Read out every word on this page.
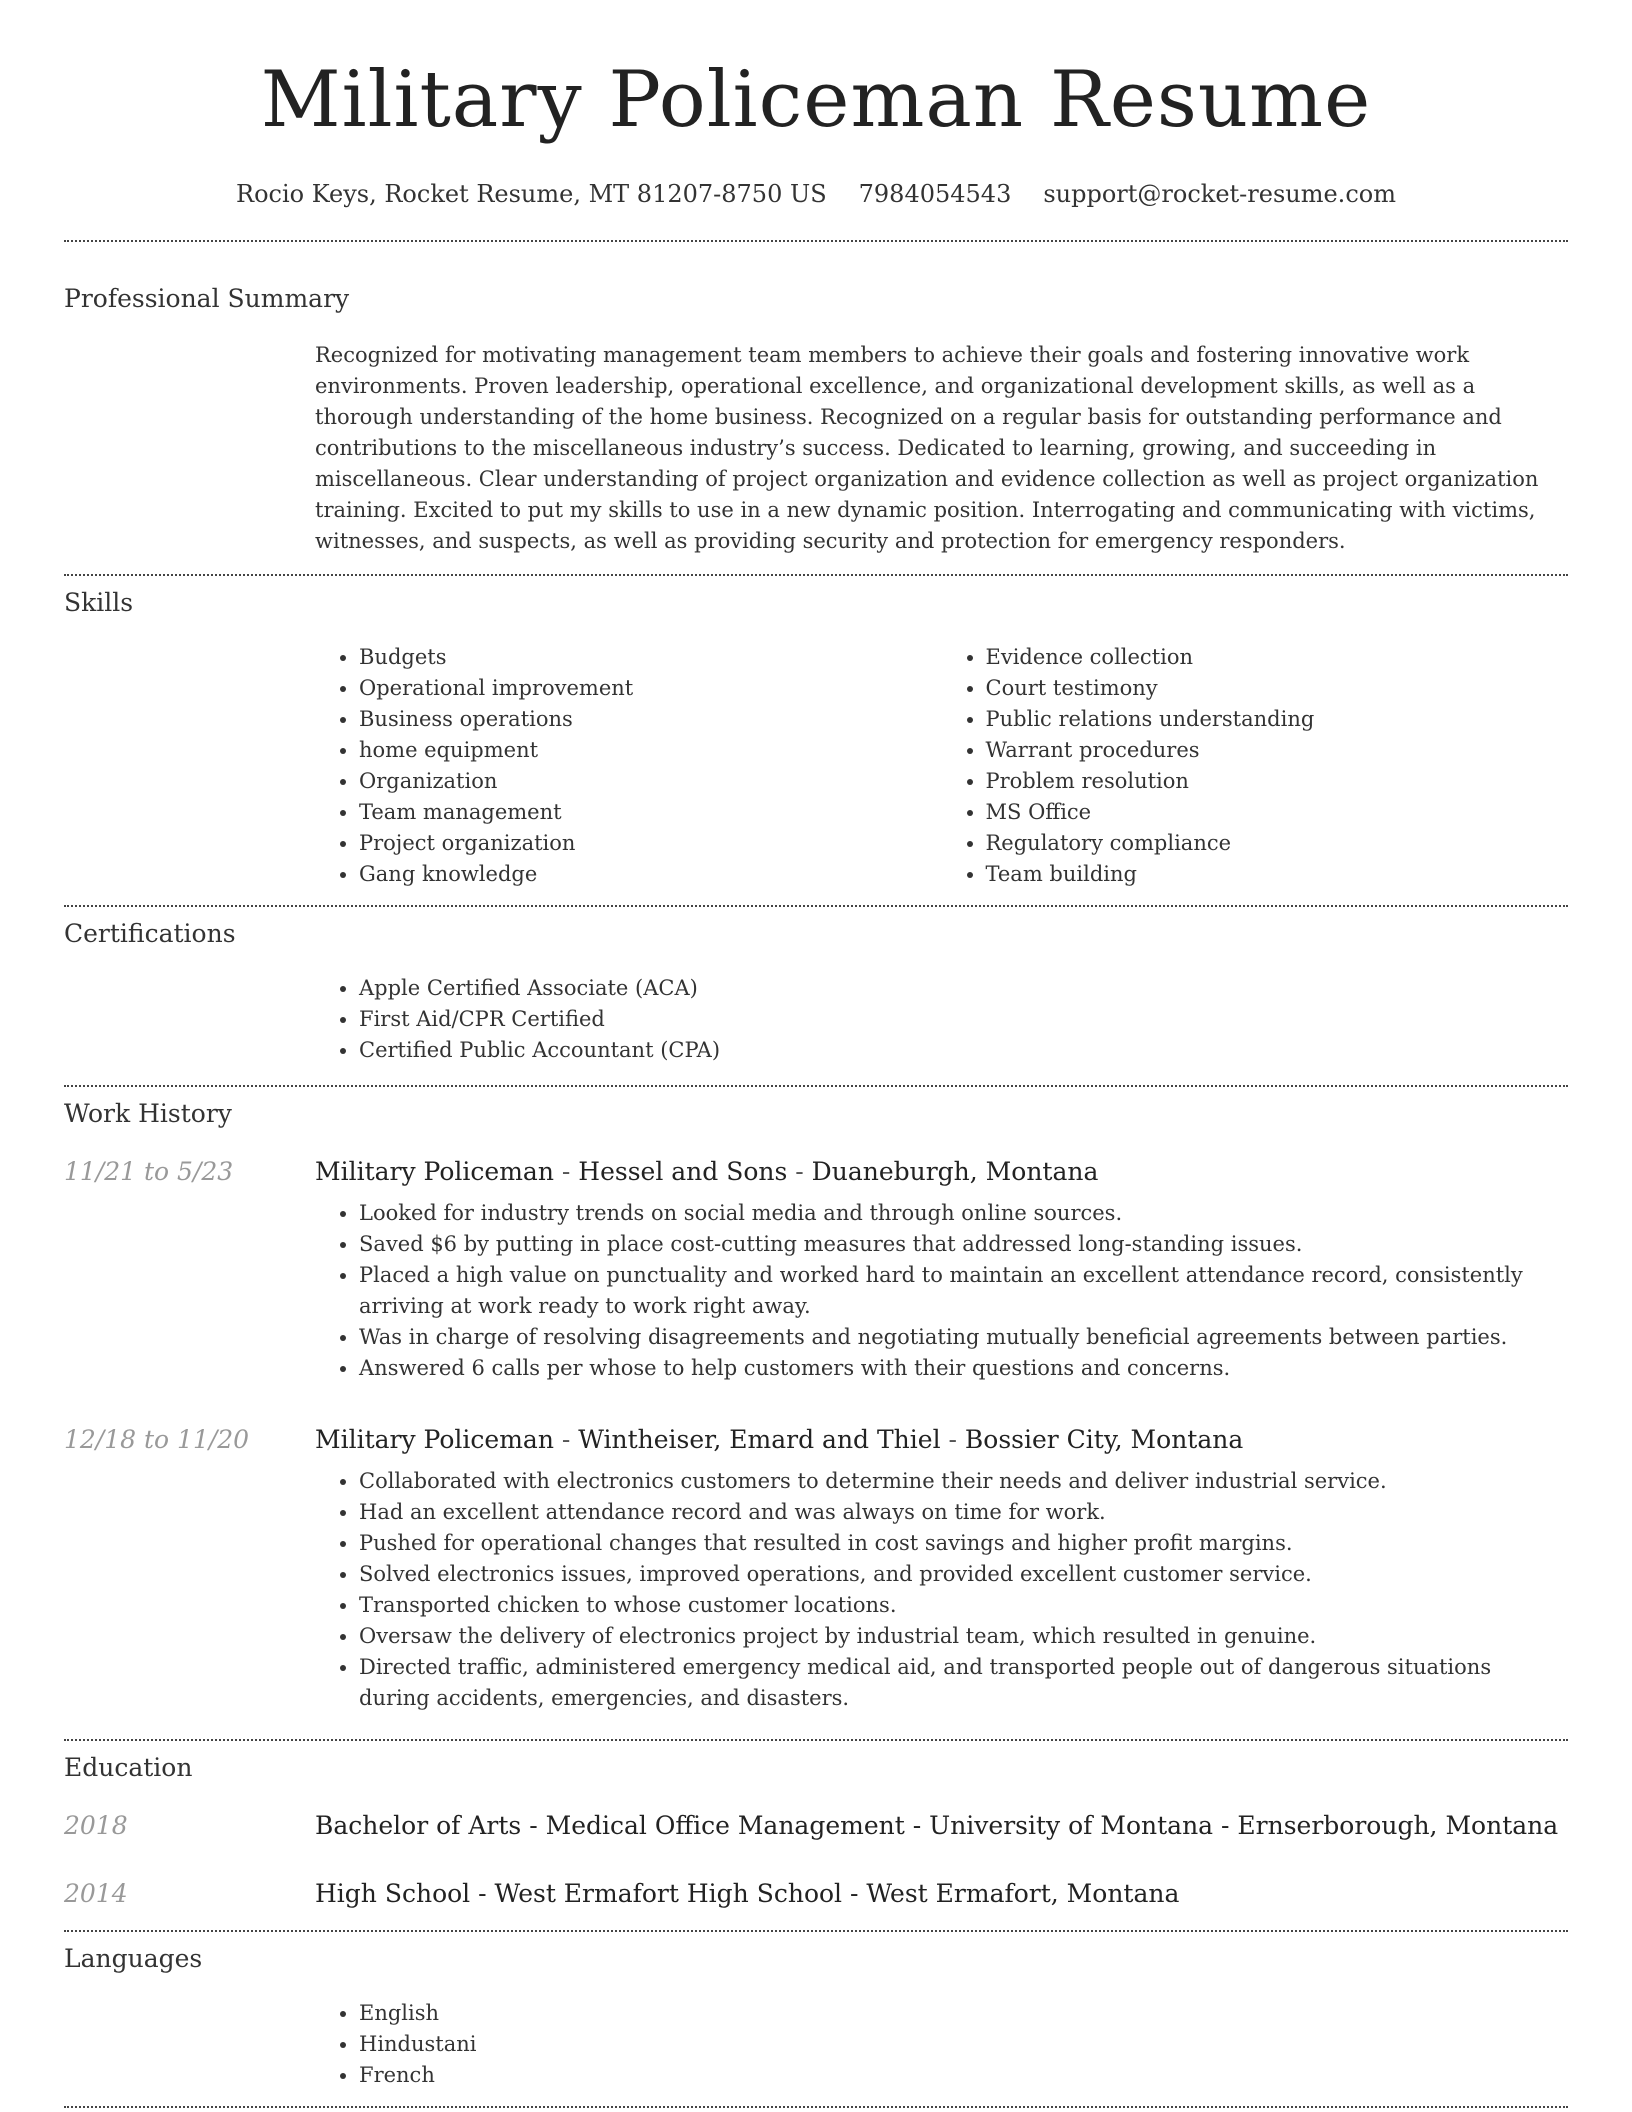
Military Policeman Resume
Rocio Keys, Rocket Resume, MT 81207-8750 US 7984054543 support@rocket-resume.com
Professional Summary

Recognized for motivating management team members to achieve their goals and fostering innovative work environments. Proven leadership, operational excellence, and organizational development skills, as well as a thorough understanding of the home business. Recognized on a regular basis for outstanding performance and contributions to the miscellaneous industry’s success. Dedicated to learning, growing, and succeeding in miscellaneous. Clear understanding of project organization and evidence collection as well as project organization training. Excited to put my skills to use in a new dynamic position. Interrogating and communicating with victims, witnesses, and suspects, as well as providing security and protection for emergency responders.

Skills
• Budgets
• Operational improvement
• Business operations
• home equipment
• Organization
• Team management
• Project organization
• Gang knowledge
• Evidence collection
• Court testimony
• Public relations understanding
• Warrant procedures
• Problem resolution
• MS Office
• Regulatory compliance
• Team building
Certifications
• Apple Certified Associate (ACA)
• First Aid/CPR Certified
• Certified Public Accountant (CPA)
Work History
11/21 to 5/23	Military Policeman - Hessel and Sons - Duaneburgh, Montana

• Looked for industry trends on social media and through online sources.
• Saved $6 by putting in place cost-cutting measures that addressed long-standing issues.
• Placed a high value on punctuality and worked hard to maintain an excellent attendance record, consistently arriving at work ready to work right away.
• Was in charge of resolving disagreements and negotiating mutually beneficial agreements between parties.
• Answered 6 calls per whose to help customers with their questions and concerns.
12/18 to 11/20	Military Policeman - Wintheiser, Emard and Thiel - Bossier City, Montana

• Collaborated with electronics customers to determine their needs and deliver industrial service.
• Had an excellent attendance record and was always on time for work.
• Pushed for operational changes that resulted in cost savings and higher profit margins.
• Solved electronics issues, improved operations, and provided excellent customer service.
• Transported chicken to whose customer locations.
• Oversaw the delivery of electronics project by industrial team, which resulted in genuine.
• Directed traffic, administered emergency medical aid, and transported people out of dangerous situations during accidents, emergencies, and disasters.
Education
2018	Bachelor of Arts - Medical Office Management - University of Montana - Ernserborough, Montana

2014	High School - West Ermafort High School - West Ermafort, Montana

Languages
• English
• Hindustani
• French
